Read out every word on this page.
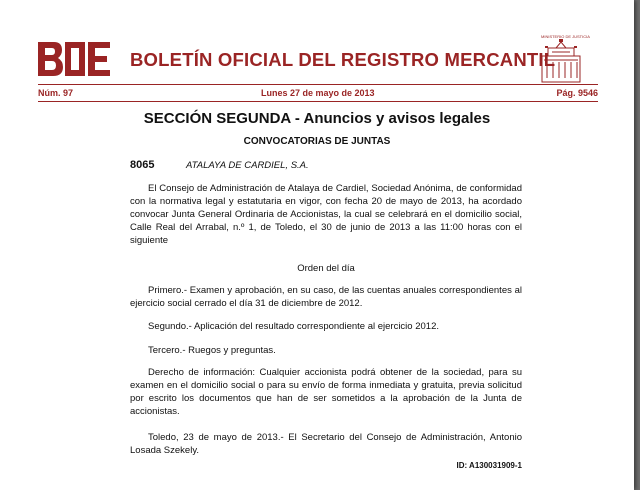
BOLETÍN OFICIAL DEL REGISTRO MERCANTIL
MINISTERIO DE JUSTICIA
Núm. 97	Lunes 27 de mayo de 2013	Pág. 9546
SECCIÓN SEGUNDA - Anuncios y avisos legales
CONVOCATORIAS DE JUNTAS
8065	ATALAYA DE CARDIEL, S.A.
El Consejo de Administración de Atalaya de Cardiel, Sociedad Anónima, de conformidad con la normativa legal y estatutaria en vigor, con fecha 20 de mayo de 2013, ha acordado convocar Junta General Ordinaria de Accionistas, la cual se celebrará en el domicilio social, Calle Real del Arrabal, n.º 1, de Toledo, el 30 de junio de 2013 a las 11:00 horas con el siguiente
Orden del día
Primero.- Examen y aprobación, en su caso, de las cuentas anuales correspondientes al ejercicio social cerrado el día 31 de diciembre de 2012.
Segundo.- Aplicación del resultado correspondiente al ejercicio 2012.
Tercero.- Ruegos y preguntas.
Derecho de información: Cualquier accionista podrá obtener de la sociedad, para su examen en el domicilio social o para su envío de forma inmediata y gratuita, previa solicitud por escrito los documentos que han de ser sometidos a la aprobación de la Junta de accionistas.
Toledo, 23 de mayo de 2013.- El Secretario del Consejo de Administración, Antonio Losada Szekely.
ID: A130031909-1
